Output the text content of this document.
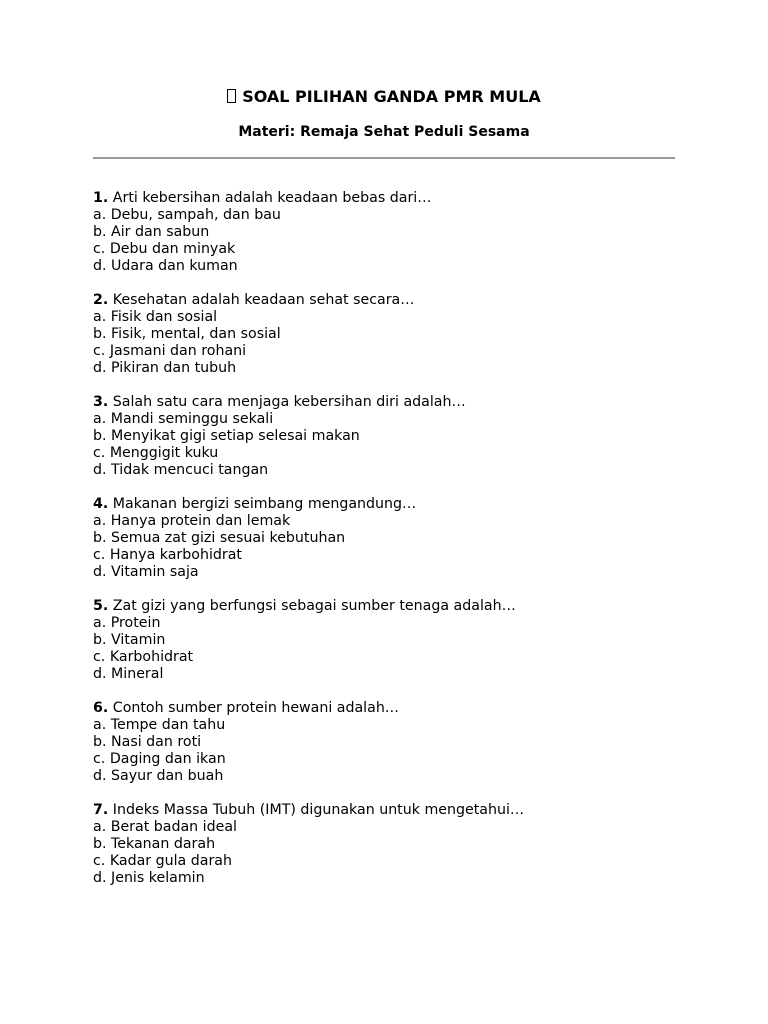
SOAL PILIHAN GANDA PMR MULA
Materi: Remaja Sehat Peduli Sesama
1. Arti kebersihan adalah keadaan bebas dari…
a. Debu, sampah, dan bau
b. Air dan sabun
c. Debu dan minyak
d. Udara dan kuman
2. Kesehatan adalah keadaan sehat secara…
a. Fisik dan sosial
b. Fisik, mental, dan sosial
c. Jasmani dan rohani
d. Pikiran dan tubuh
3. Salah satu cara menjaga kebersihan diri adalah…
a. Mandi seminggu sekali
b. Menyikat gigi setiap selesai makan
c. Menggigit kuku
d. Tidak mencuci tangan
4. Makanan bergizi seimbang mengandung…
a. Hanya protein dan lemak
b. Semua zat gizi sesuai kebutuhan
c. Hanya karbohidrat
d. Vitamin saja
5. Zat gizi yang berfungsi sebagai sumber tenaga adalah…
a. Protein
b. Vitamin
c. Karbohidrat
d. Mineral
6. Contoh sumber protein hewani adalah…
a. Tempe dan tahu
b. Nasi dan roti
c. Daging dan ikan
d. Sayur dan buah
7. Indeks Massa Tubuh (IMT) digunakan untuk mengetahui…
a. Berat badan ideal
b. Tekanan darah
c. Kadar gula darah
d. Jenis kelamin
